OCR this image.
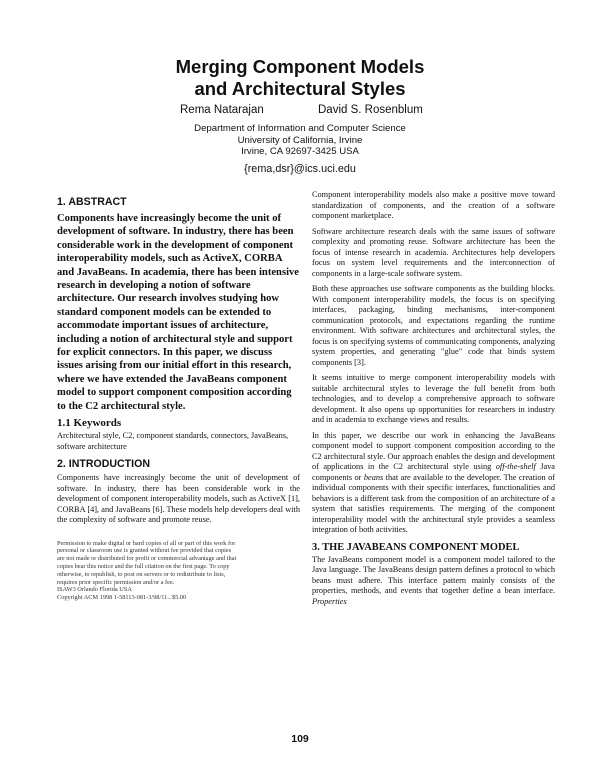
Merging Component Models
and Architectural Styles
Rema Natarajan	David S. Rosenblum
Department of Information and Computer Science
University of California, Irvine
Irvine, CA 92697-3425 USA
{rema,dsr}@ics.uci.edu
1. ABSTRACT
Components have increasingly become the unit of development of software. In industry, there has been considerable work in the development of component interoperability models, such as ActiveX, CORBA and JavaBeans. In academia, there has been intensive research in developing a notion of software architecture. Our research involves studying how standard component models can be extended to accommodate important issues of architecture, including a notion of architectural style and support for explicit connectors. In this paper, we discuss issues arising from our initial effort in this research, where we have extended the JavaBeans component model to support component composition according to the C2 architectural style.
1.1 Keywords

Architectural style, C2, component standards, connectors, JavaBeans, software architecture

2. INTRODUCTION

Components have increasingly become the unit of development of software. In industry, there has been considerable work in the development of component interoperability models, such as ActiveX [1], CORBA [4], and JavaBeans [6]. These models help developers deal with the complexity of software and promote reuse.

Permission to make digital or hard copies of all or part of this work for
personal or classroom use is granted without fee provided that copies
are not made or distributed for profit or commercial advantage and that
copies bear this notice and the full citation on the first page. To copy
otherwise, to republish, to post on servers or to redistribute to lists,
requires prior specific permission and/or a fee.
ISAW3 Orlando Florida USA
Copyright ACM 1998 1-58113-081-3/98/11...$5.00

Component interoperability models also make a positive move toward standardization of components, and the creation of a software component marketplace.

Software architecture research deals with the same issues of software complexity and promoting reuse. Software architecture has been the focus of intense research in academia. Architectures help developers focus on system level requirements and the interconnection of components in a large-scale software system.

Both these approaches use software components as the building blocks. With component interoperability models, the focus is on specifying interfaces, packaging, binding mechanisms, inter-component communication protocols, and expectations regarding the runtime environment. With software architectures and architectural styles, the focus is on specifying systems of communicating components, analyzing system properties, and generating "glue" code that binds system components [3].

It seems intuitive to merge component interoperability models with suitable architectural styles to leverage the full benefit from both technologies, and to develop a comprehensive approach to software development. It also opens up opportunities for researchers in industry and in academia to exchange views and results.

In this paper, we describe our work in enhancing the JavaBeans component model to support component composition according to the C2 architectural style. Our approach enables the design and development of applications in the C2 architectural style using off-the-shelf Java components or beans that are available to the developer. The creation of individual components with their specific interfaces, functionalities and behaviors is a different task from the composition of an architecture of a system that satisfies requirements. The merging of the component interoperability model with the architectural style provides a seamless integration of both activities.

3. THE JAVABEANS COMPONENT MODEL

The JavaBeans component model is a component model tailored to the Java language. The JavaBeans design pattern defines a protocol to which beans must adhere. This interface pattern mainly consists of the properties, methods, and events that together define a bean interface. Properties

109
